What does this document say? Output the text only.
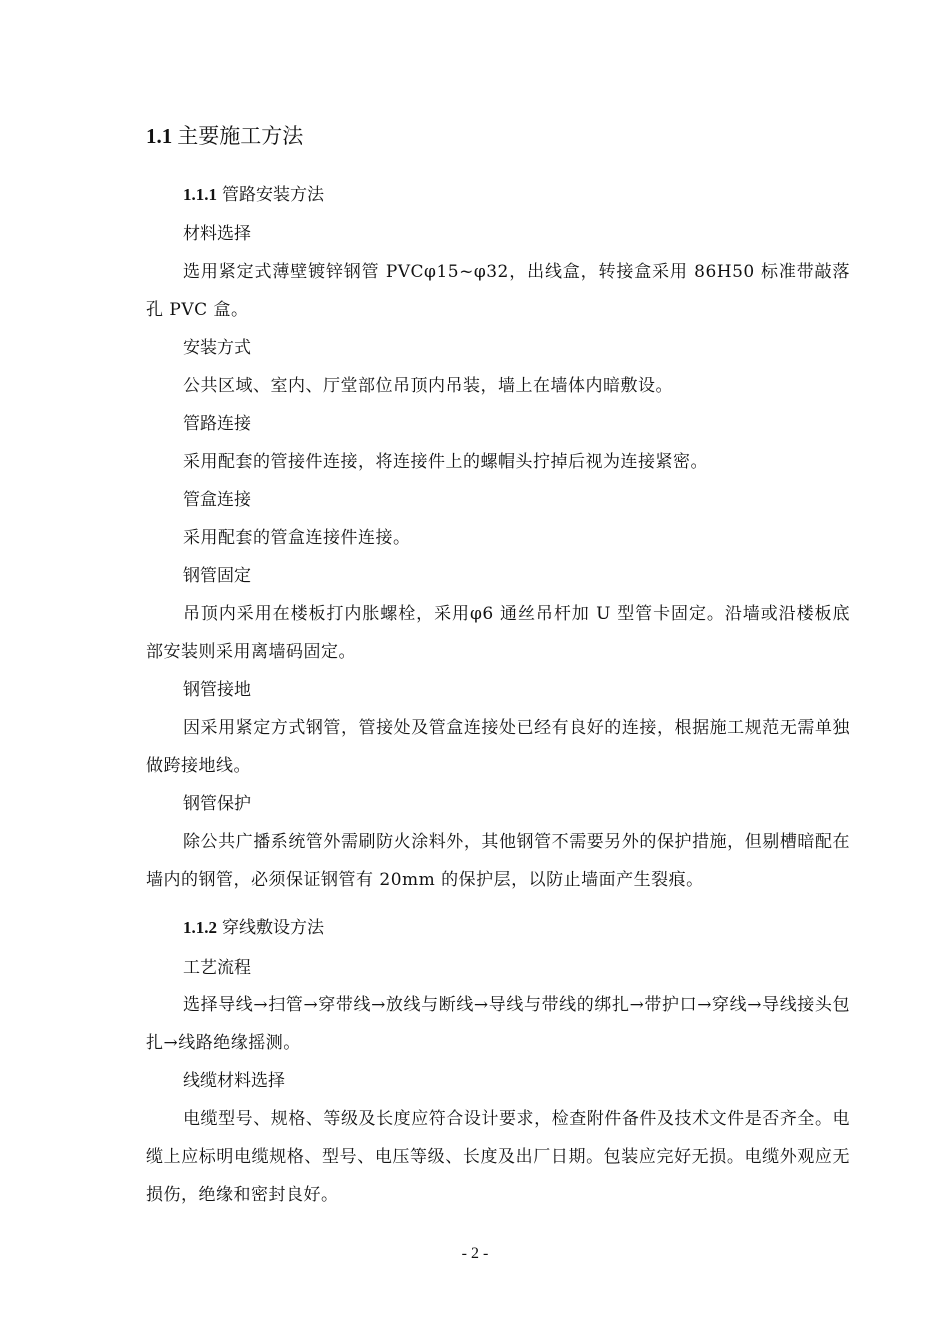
1.1 主要施工方法
1.1.1 管路安装方法
材料选择
选用紧定式薄壁镀锌钢管 PVCφ15~φ32，出线盒，转接盒采用 86H50 标准带敲落孔 PVC 盒。
安装方式
公共区域、室内、厅堂部位吊顶内吊装，墙上在墙体内暗敷设。
管路连接
采用配套的管接件连接，将连接件上的螺帽头拧掉后视为连接紧密。
管盒连接
采用配套的管盒连接件连接。
钢管固定
吊顶内采用在楼板打内胀螺栓，采用φ6 通丝吊杆加 U 型管卡固定。沿墙或沿楼板底部安装则采用离墙码固定。
钢管接地
因采用紧定方式钢管，管接处及管盒连接处已经有良好的连接，根据施工规范无需单独做跨接地线。
钢管保护
除公共广播系统管外需刷防火涂料外，其他钢管不需要另外的保护措施，但剔槽暗配在墙内的钢管，必须保证钢管有 20mm 的保护层，以防止墙面产生裂痕。
1.1.2 穿线敷设方法
工艺流程
选择导线→扫管→穿带线→放线与断线→导线与带线的绑扎→带护口→穿线→导线接头包扎→线路绝缘摇测。
线缆材料选择
电缆型号、规格、等级及长度应符合设计要求，检查附件备件及技术文件是否齐全。电缆上应标明电缆规格、型号、电压等级、长度及出厂日期。包装应完好无损。电缆外观应无损伤，绝缘和密封良好。
- 2 -
